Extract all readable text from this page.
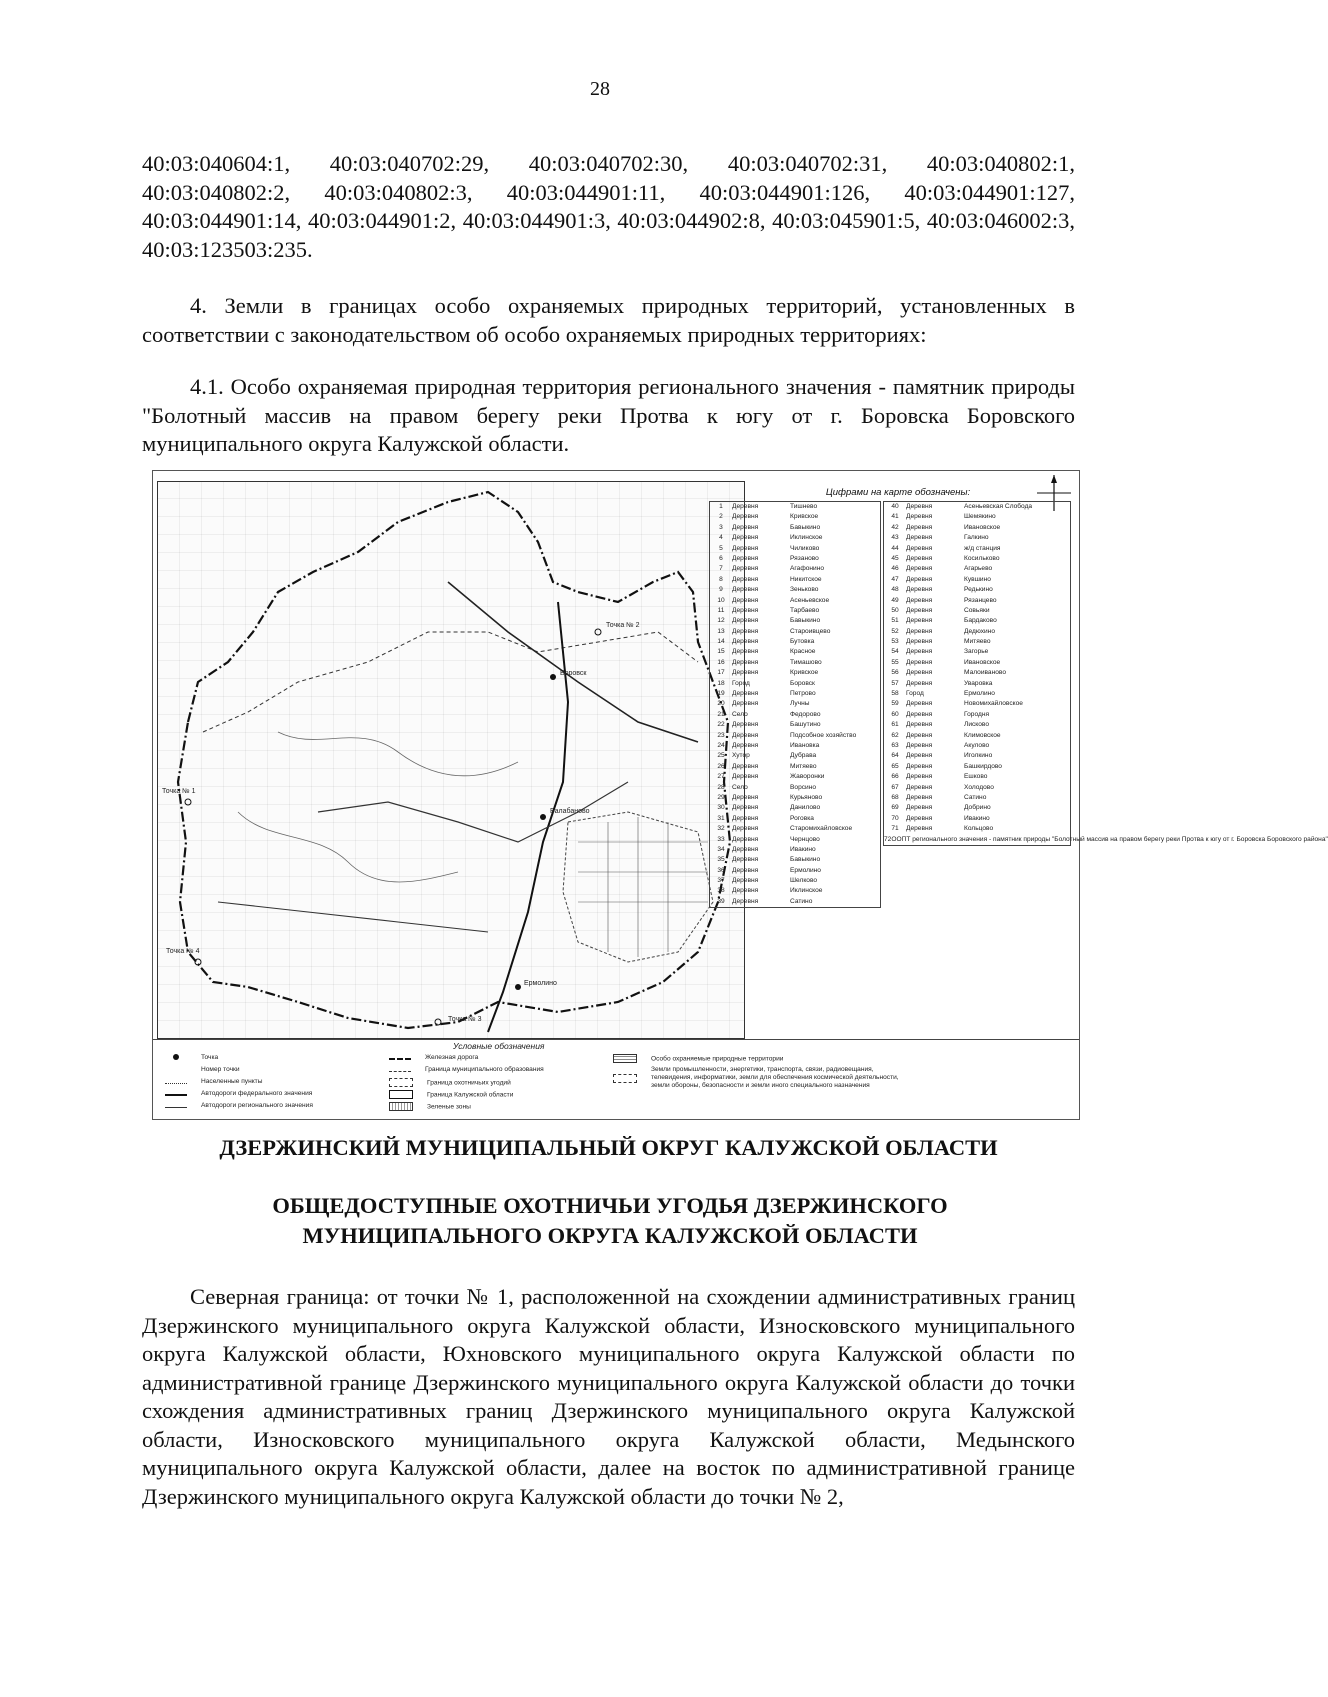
28

40:03:040604:1, 40:03:040702:29, 40:03:040702:30, 40:03:040702:31, 40:03:040802:1, 40:03:040802:2, 40:03:040802:3, 40:03:044901:11, 40:03:044901:126, 40:03:044901:127, 40:03:044901:14, 40:03:044901:2, 40:03:044901:3, 40:03:044902:8, 40:03:045901:5, 40:03:046002:3, 40:03:123503:235.

4. Земли в границах особо охраняемых природных территорий, установленных в соответствии с законодательством об особо охраняемых природных территориях:

4.1. Особо охраняемая природная территория регионального значения - памятник природы "Болотный массив на правом берегу реки Протва к югу от г. Боровска Боровского муниципального округа Калужской области.

Точка № 1
Точка № 2
Точка № 3
Точка № 4
Боровск
Балабаново
Ермолино
Цифрами на карте обозначены:
1	Деревня	Тишнево
2	Деревня	Кривское
3	Деревня	Бавыкино
4	Деревня	Иклинское
5	Деревня	Чиликово
6	Деревня	Рязаново
7	Деревня	Агафонино
8	Деревня	Никитское
9	Деревня	Зеньково
10	Деревня	Асеньевское
11	Деревня	Тарбаево
12	Деревня	Бавыкино
13	Деревня	Староивцево
14	Деревня	Бутовка
15	Деревня	Красное
16	Деревня	Тимашово
17	Деревня	Кривское
18	Город	Боровск
19	Деревня	Петрово
20	Деревня	Лучны
21	Село	Федорово
22	Деревня	Башутино
23	Деревня	Подсобное хозяйство
24	Деревня	Ивановка
25	Хутор	Дубрава
26	Деревня	Митяево
27	Деревня	Жаворонки
28	Село	Ворсино
29	Деревня	Курьяново
30	Деревня	Данилово
31	Деревня	Роговка
32	Деревня	Старомихайловское
33	Деревня	Чернцово
34	Деревня	Ивакино
35	Деревня	Бавыкино
36	Деревня	Ермолино
37	Деревня	Шелково
38	Деревня	Иклинское
39	Деревня	Сатино
40	Деревня	Асеньевская Слобода
41	Деревня	Шемякино
42	Деревня	Ивановское
43	Деревня	Галкино
44	Деревня	ж/д станция
45	Деревня	Косильково
46	Деревня	Агарьево
47	Деревня	Кувшино
48	Деревня	Редькино
49	Деревня	Рязанцево
50	Деревня	Совьяки
51	Деревня	Бардаково
52	Деревня	Дедюхино
53	Деревня	Митяево
54	Деревня	Загорье
55	Деревня	Ивановское
56	Деревня	Малоиваново
57	Деревня	Уваровка
58	Город	Ермолино
59	Деревня	Новомихайловское
60	Деревня	Городня
61	Деревня	Лисково
62	Деревня	Климовское
63	Деревня	Акулово
64	Деревня	Иголкино
65	Деревня	Башкирдово
66	Деревня	Ешково
67	Деревня	Холодово
68	Деревня	Сатино
69	Деревня	Добрино
70	Деревня	Ивакино
71	Деревня	Кольцово
72 ООПТ регионального значения - памятник природы "Болотный массив на правом берегу реки Протва к югу от г. Боровска Боровского района"
Условные обозначения
Точка
Номер точки
Населенные пункты
Автодороги федерального значения
Автодороги регионального значения
Железная дорога
Граница муниципального образования
Граница охотничьих угодий
Граница Калужской области
Зеленые зоны
Особо охраняемые природные территории
Земли промышленности, энергетики, транспорта, связи, радиовещания, телевидения, информатики, земли для обеспечения космической деятельности, земли обороны, безопасности и земли иного специального назначения
ДЗЕРЖИНСКИЙ МУНИЦИПАЛЬНЫЙ ОКРУГ КАЛУЖСКОЙ ОБЛАСТИ
ОБЩЕДОСТУПНЫЕ ОХОТНИЧЬИ УГОДЬЯ ДЗЕРЖИНСКОГО МУНИЦИПАЛЬНОГО ОКРУГА КАЛУЖСКОЙ ОБЛАСТИ

Северная граница: от точки № 1, расположенной на схождении административных границ Дзержинского муниципального округа Калужской области, Износковского муниципального округа Калужской области, Юхновского муниципального округа Калужской области по административной границе Дзержинского муниципального округа Калужской области до точки схождения административных границ Дзержинского муниципального округа Калужской области, Износковского муниципального округа Калужской области, Медынского муниципального округа Калужской области, далее на восток по административной границе Дзержинского муниципального округа Калужской области до точки № 2,
